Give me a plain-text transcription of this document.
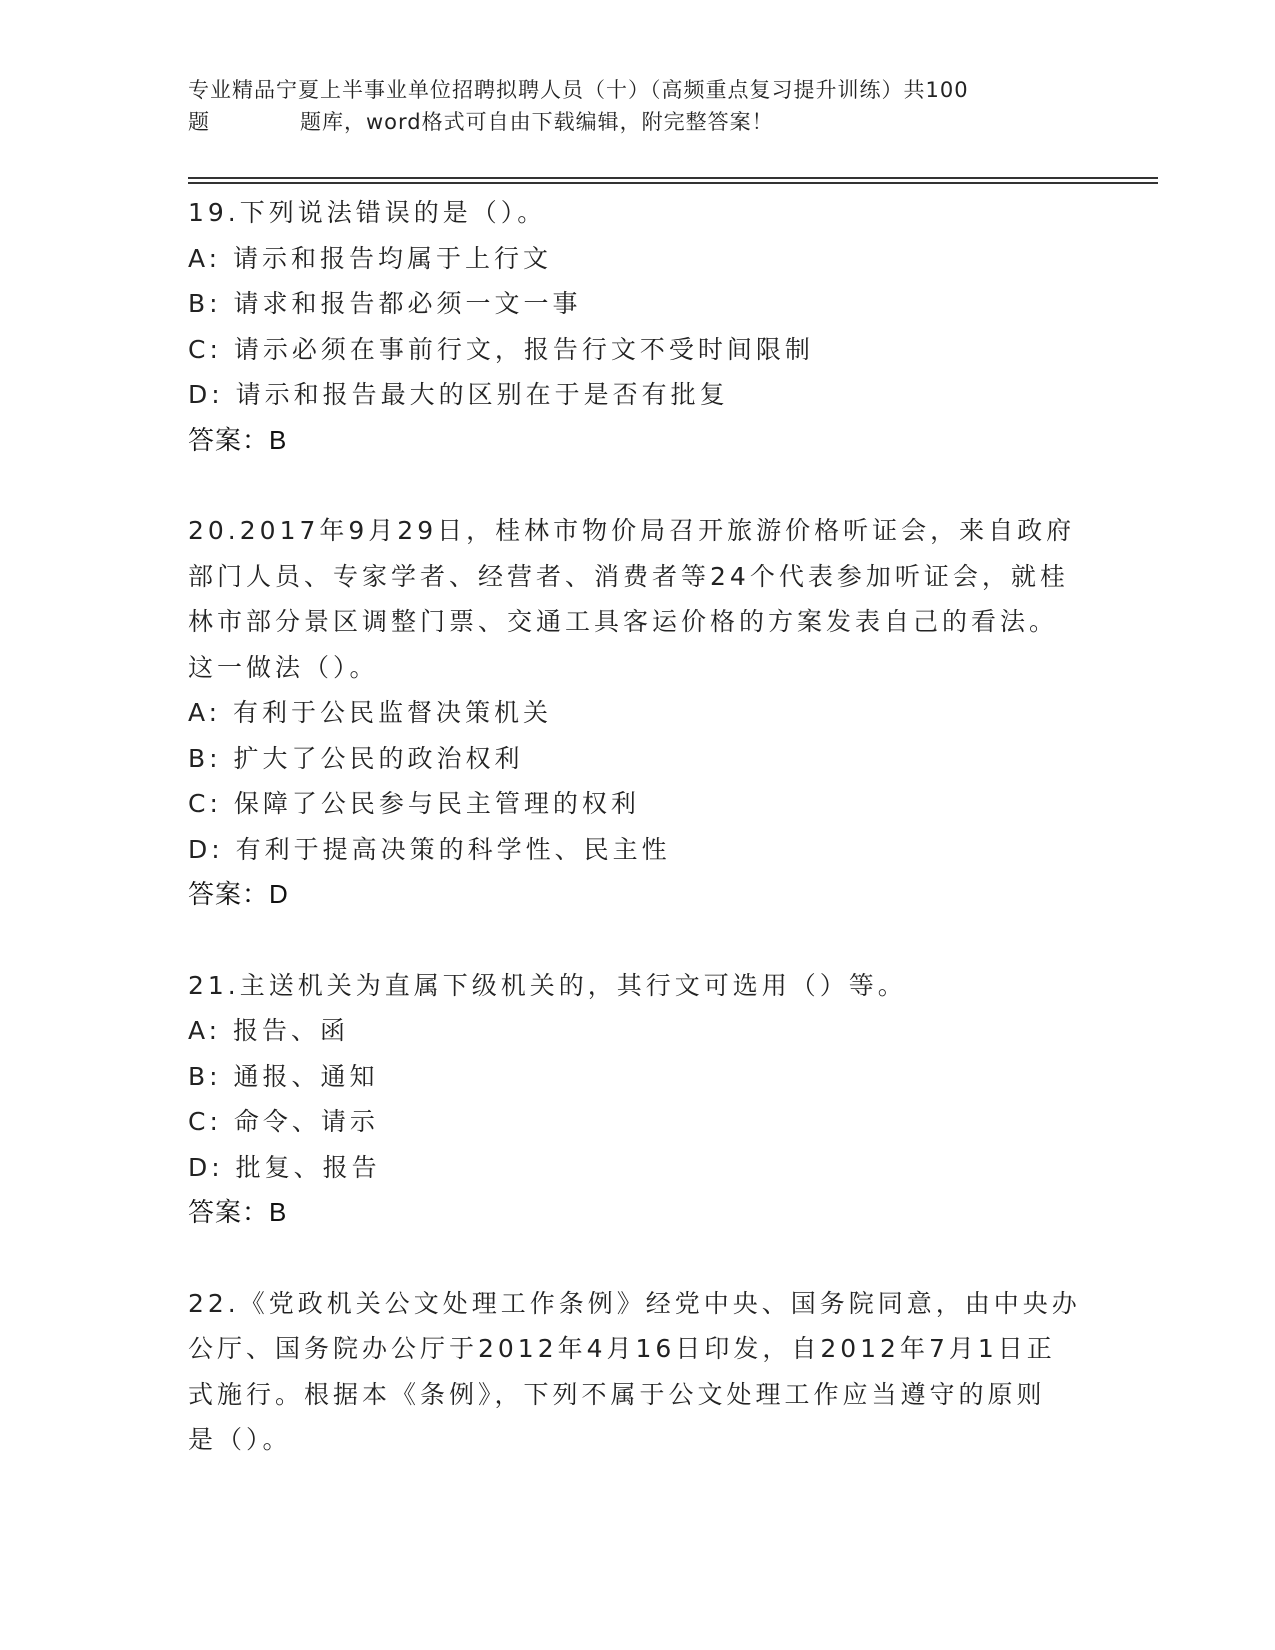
专业精品宁夏上半事业单位招聘拟聘人员（十）（高频重点复习提升训练）共100
题	题库，word格式可自由下载编辑，附完整答案！

19.下列说法错误的是（）。

A: 请示和报告均属于上行文

B: 请求和报告都必须一文一事

C: 请示必须在事前行文，报告行文不受时间限制

D: 请示和报告最大的区别在于是否有批复

答案：B

20.2017年9月29日，桂林市物价局召开旅游价格听证会，来自政府

部门人员、专家学者、经营者、消费者等24个代表参加听证会，就桂

林市部分景区调整门票、交通工具客运价格的方案发表自己的看法。

这一做法（）。

A: 有利于公民监督决策机关

B: 扩大了公民的政治权利

C: 保障了公民参与民主管理的权利

D: 有利于提高决策的科学性、民主性

答案：D

21.主送机关为直属下级机关的，其行文可选用（）等。

A: 报告、函

B: 通报、通知

C: 命令、请示

D: 批复、报告

答案：B

22.《党政机关公文处理工作条例》经党中央、国务院同意，由中央办

公厅、国务院办公厅于2012年4月16日印发，自2012年7月1日正

式施行。根据本《条例》，下列不属于公文处理工作应当遵守的原则

是（）。
